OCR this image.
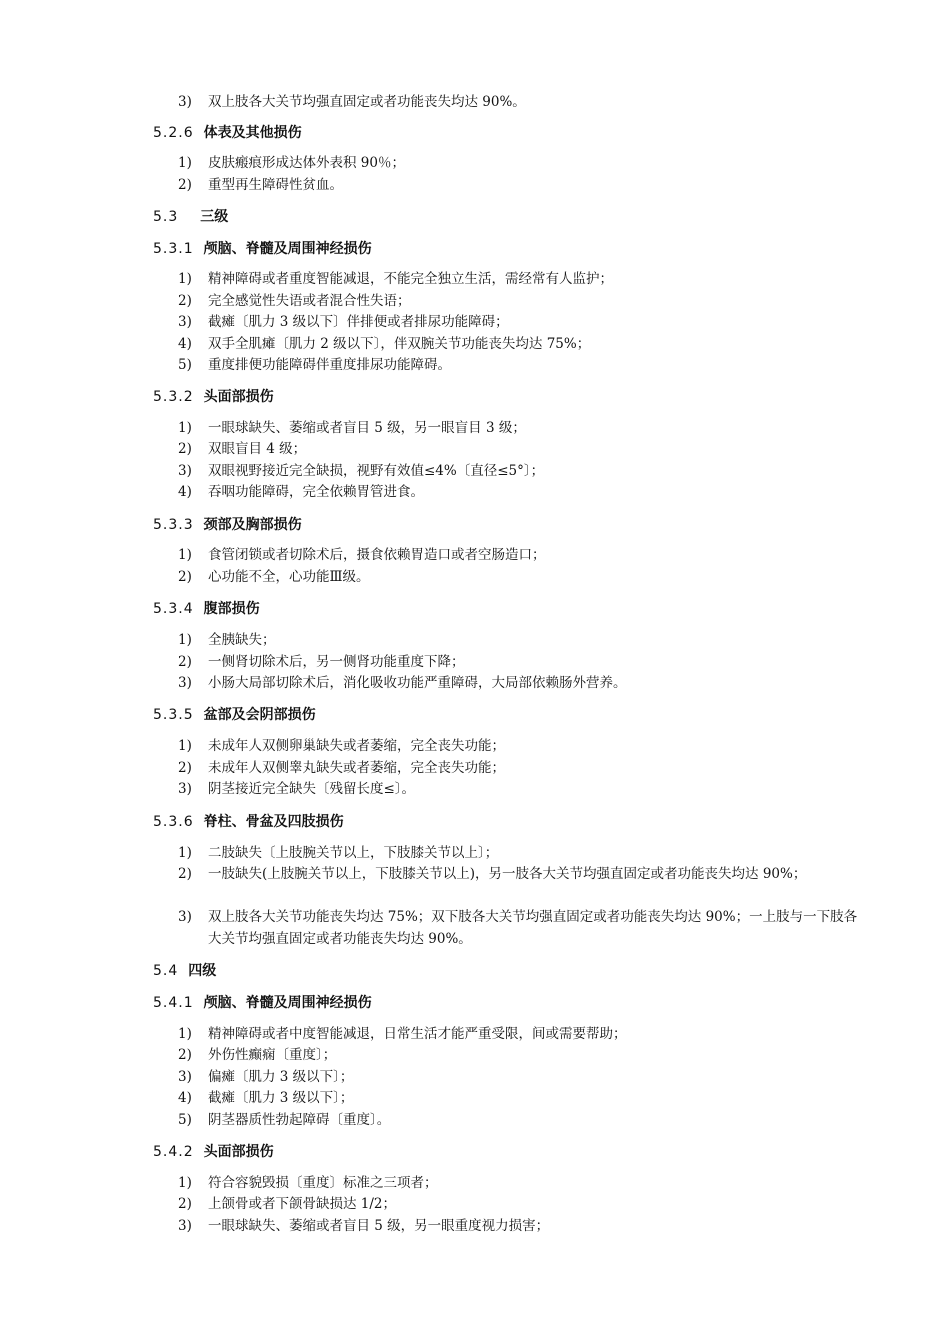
3)	双上肢各大关节均强直固定或者功能丧失均达 90%。
5.2.6 体表及其他损伤
1)	皮肤瘢痕形成达体外表积 90％；
2)	重型再生障碍性贫血。
5.3 三级
5.3.1 颅脑、脊髓及周围神经损伤
1)	精神障碍或者重度智能减退，不能完全独立生活，需经常有人监护；
2)	完全感觉性失语或者混合性失语；
3)	截瘫〔肌力 3 级以下〕伴排便或者排尿功能障碍；
4)	双手全肌瘫〔肌力 2 级以下〕，伴双腕关节功能丧失均达 75%；
5)	重度排便功能障碍伴重度排尿功能障碍。
5.3.2 头面部损伤
1)	一眼球缺失、萎缩或者盲目 5 级，另一眼盲目 3 级；
2)	双眼盲目 4 级；
3)	双眼视野接近完全缺损，视野有效值≤4%〔直径≤5°〕；
4)	吞咽功能障碍，完全依赖胃管进食。
5.3.3 颈部及胸部损伤
1)	食管闭锁或者切除术后，摄食依赖胃造口或者空肠造口；
2)	心功能不全，心功能Ⅲ级。
5.3.4 腹部损伤
1)	全胰缺失；
2)	一侧肾切除术后，另一侧肾功能重度下降；
3)	小肠大局部切除术后，消化吸收功能严重障碍，大局部依赖肠外营养。
5.3.5 盆部及会阴部损伤
1)	未成年人双侧卵巢缺失或者萎缩，完全丧失功能；
2)	未成年人双侧睾丸缺失或者萎缩，完全丧失功能；
3)	阴茎接近完全缺失〔残留长度≤〕。
5.3.6 脊柱、骨盆及四肢损伤
1)	二肢缺失〔上肢腕关节以上，下肢膝关节以上〕；
2)	一肢缺失(上肢腕关节以上，下肢膝关节以上)，另一肢各大关节均强直固定或者功能丧失均达 90%；
3)	双上肢各大关节功能丧失均达 75%；双下肢各大关节均强直固定或者功能丧失均达 90%；一上肢与一下肢各大关节均强直固定或者功能丧失均达 90%。
5.4 四级
5.4.1 颅脑、脊髓及周围神经损伤
1)	精神障碍或者中度智能减退，日常生活才能严重受限，间或需要帮助；
2)	外伤性癫痫〔重度〕；
3)	偏瘫〔肌力 3 级以下〕；
4)	截瘫〔肌力 3 级以下〕；
5)	阴茎器质性勃起障碍〔重度〕。
5.4.2 头面部损伤
1)	符合容貌毁损〔重度〕标准之三项者；
2)	上颌骨或者下颌骨缺损达 1/2；
3)	一眼球缺失、萎缩或者盲目 5 级，另一眼重度视力损害；
